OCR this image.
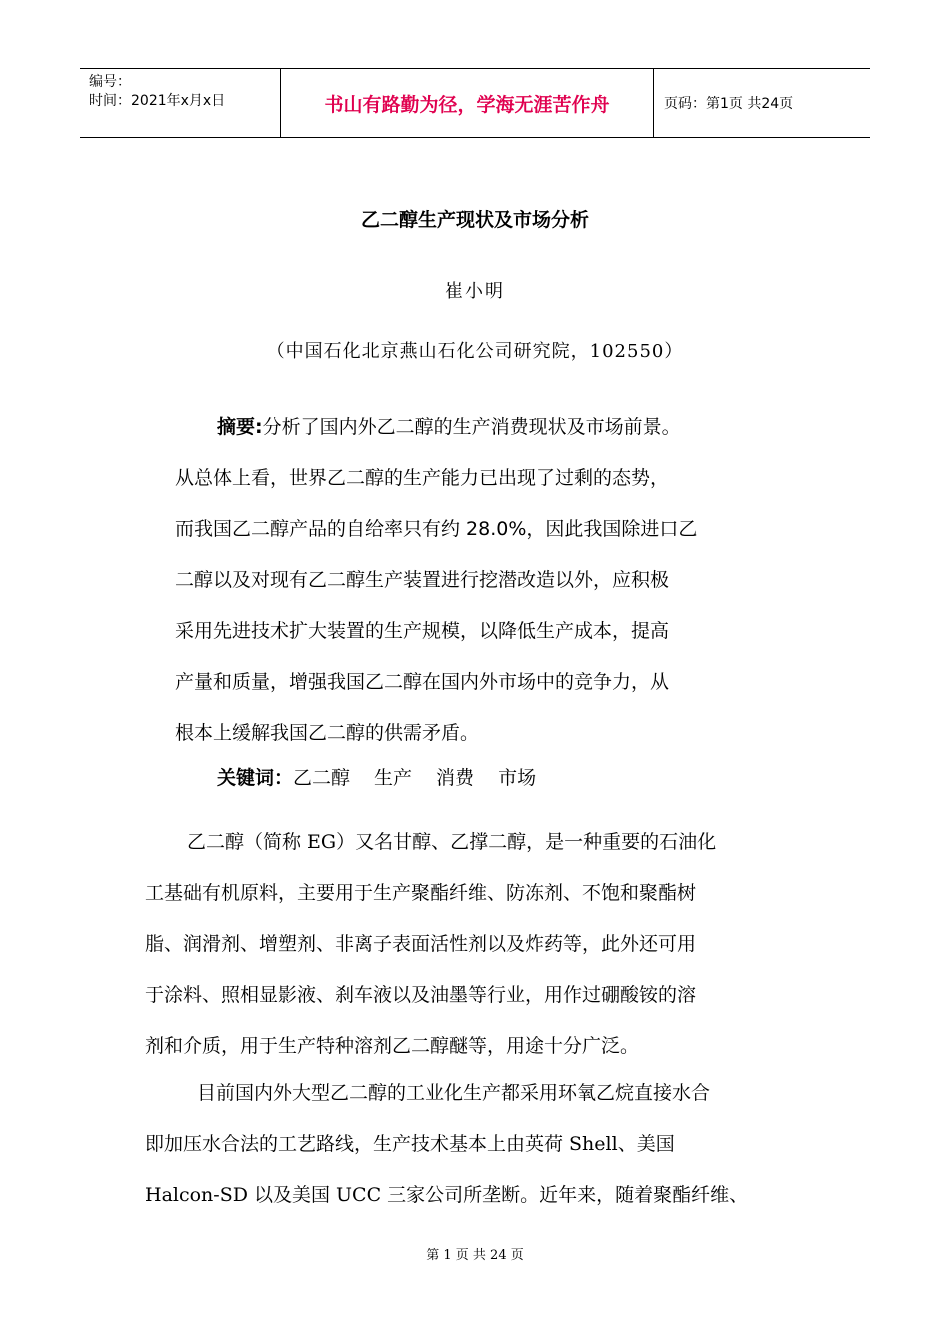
编号：
时间：2021年x月x日	书山有路勤为径，学海无涯苦作舟	页码：第1页 共24页
乙二醇生产现状及市场分析
崔小明
（中国石化北京燕山石化公司研究院，102550）
摘要:分析了国内外乙二醇的生产消费现状及市场前景。
从总体上看，世界乙二醇的生产能力已出现了过剩的态势，
而我国乙二醇产品的自给率只有约 28.0%，因此我国除进口乙
二醇以及对现有乙二醇生产装置进行挖潜改造以外，应积极
采用先进技术扩大装置的生产规模，以降低生产成本，提高
产量和质量，增强我国乙二醇在国内外市场中的竞争力，从
根本上缓解我国乙二醇的供需矛盾。
关键词：乙二醇 生产 消费 市场
乙二醇（简称 EG）又名甘醇、乙撑二醇，是一种重要的石油化
工基础有机原料，主要用于生产聚酯纤维、防冻剂、不饱和聚酯树
脂、润滑剂、增塑剂、非离子表面活性剂以及炸药等，此外还可用
于涂料、照相显影液、刹车液以及油墨等行业，用作过硼酸铵的溶
剂和介质，用于生产特种溶剂乙二醇醚等，用途十分广泛。
目前国内外大型乙二醇的工业化生产都采用环氧乙烷直接水合
即加压水合法的工艺路线，生产技术基本上由英荷 Shell、美国
Halcon-SD 以及美国 UCC 三家公司所垄断。近年来，随着聚酯纤维、
第 1 页 共 24 页
